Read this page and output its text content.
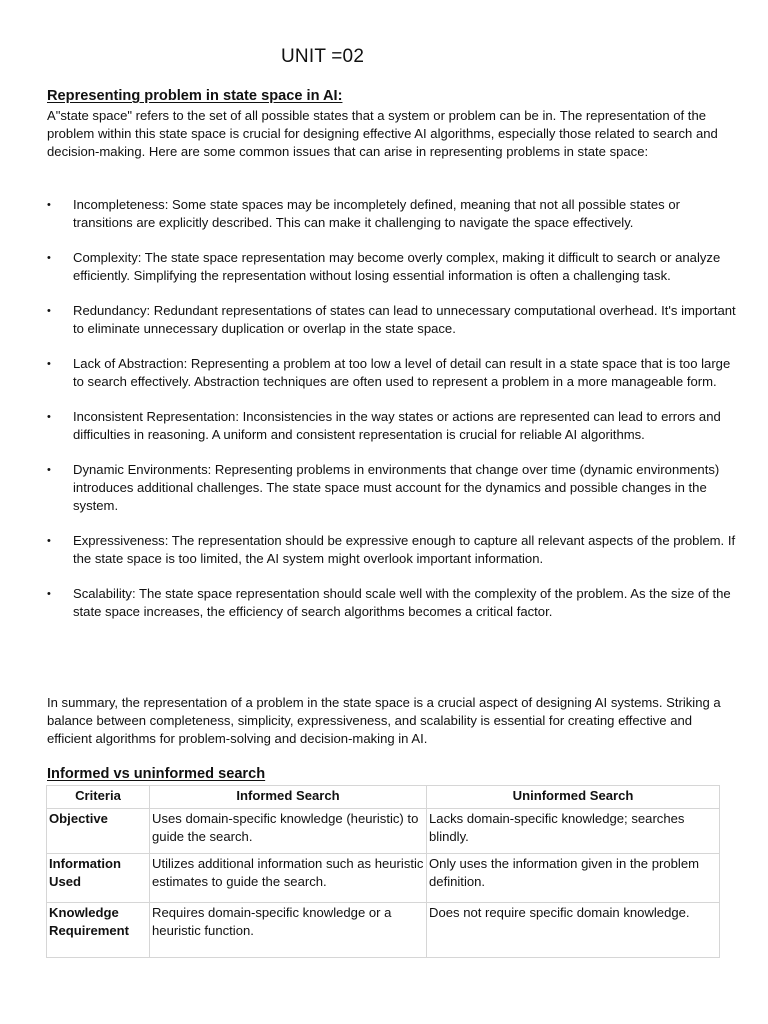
UNIT =02
Representing problem in state space in AI:
A"state space" refers to the set of all possible states that a system or problem can be in. The representation of the problem within this state space is crucial for designing effective AI algorithms, especially those related to search and decision-making. Here are some common issues that can arise in representing problems in state space:
•	Incompleteness: Some state spaces may be incompletely defined, meaning that not all possible states or transitions are explicitly described. This can make it challenging to navigate the space effectively.
•	Complexity: The state space representation may become overly complex, making it difficult to search or analyze efficiently. Simplifying the representation without losing essential information is often a challenging task.
•	Redundancy: Redundant representations of states can lead to unnecessary computational overhead. It's important to eliminate unnecessary duplication or overlap in the state space.
•	Lack of Abstraction: Representing a problem at too low a level of detail can result in a state space that is too large to search effectively. Abstraction techniques are often used to represent a problem in a more manageable form.
•	Inconsistent Representation: Inconsistencies in the way states or actions are represented can lead to errors and difficulties in reasoning. A uniform and consistent representation is crucial for reliable AI algorithms.
•	Dynamic Environments: Representing problems in environments that change over time (dynamic environments) introduces additional challenges. The state space must account for the dynamics and possible changes in the system.
•	Expressiveness: The representation should be expressive enough to capture all relevant aspects of the problem. If the state space is too limited, the AI system might overlook important information.
•	Scalability: The state space representation should scale well with the complexity of the problem. As the size of the state space increases, the efficiency of search algorithms becomes a critical factor.
In summary, the representation of a problem in the state space is a crucial aspect of designing AI systems. Striking a balance between completeness, simplicity, expressiveness, and scalability is essential for creating effective and efficient algorithms for problem-solving and decision-making in AI.
Informed vs uninformed search
Criteria	Informed Search	Uninformed Search
Objective	Uses domain-specific knowledge (heuristic) to guide the search.	Lacks domain-specific knowledge; searches blindly.
Information Used	Utilizes additional information such as heuristic estimates to guide the search.	Only uses the information given in the problem definition.
Knowledge Requirement	Requires domain-specific knowledge or a heuristic function.	Does not require specific domain knowledge.
